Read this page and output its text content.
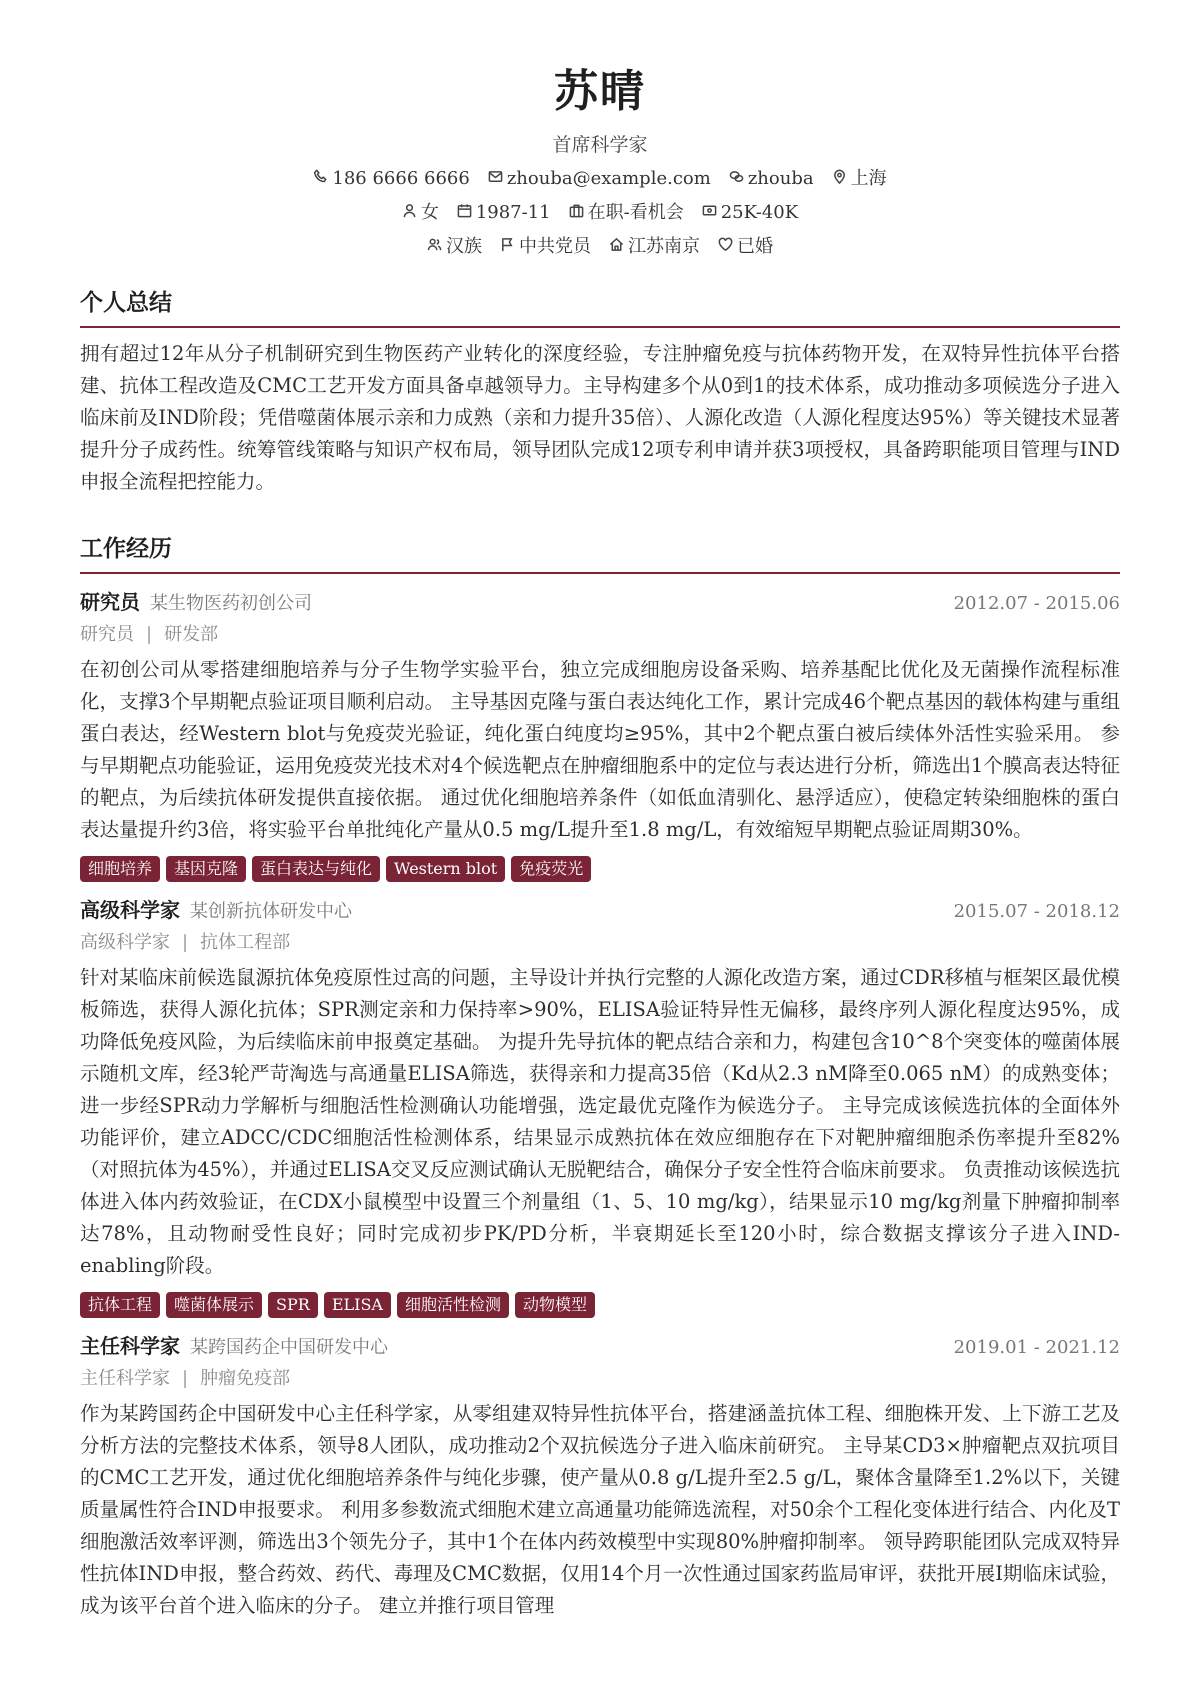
苏晴
首席科学家
186 6666 6666 zhouba@example.com zhouba 上海
女 1987-11 在职-看机会 25K-40K
汉族 中共党员 江苏南京 已婚
个人总结
拥有超过12年从分子机制研究到生物医药产业转化的深度经验，专注肿瘤免疫与抗体药物开发，在双特异性抗体平台搭建、抗体工程改造及CMC工艺开发方面具备卓越领导力。主导构建多个从0到1的技术体系，成功推动多项候选分子进入临床前及IND阶段；凭借噬菌体展示亲和力成熟（亲和力提升35倍）、人源化改造（人源化程度达95%）等关键技术显著提升分子成药性。统筹管线策略与知识产权布局，领导团队完成12项专利申请并获3项授权，具备跨职能项目管理与IND申报全流程把控能力。
工作经历
研究员 某生物医药初创公司	2012.07 - 2015.06
研究员 | 研发部
在初创公司从零搭建细胞培养与分子生物学实验平台，独立完成细胞房设备采购、培养基配比优化及无菌操作流程标准化，支撑3个早期靶点验证项目顺利启动。 主导基因克隆与蛋白表达纯化工作，累计完成46个靶点基因的载体构建与重组蛋白表达，经Western blot与免疫荧光验证，纯化蛋白纯度均≥95%，其中2个靶点蛋白被后续体外活性实验采用。 参与早期靶点功能验证，运用免疫荧光技术对4个候选靶点在肿瘤细胞系中的定位与表达进行分析，筛选出1个膜高表达特征的靶点，为后续抗体研发提供直接依据。 通过优化细胞培养条件（如低血清驯化、悬浮适应），使稳定转染细胞株的蛋白表达量提升约3倍，将实验平台单批纯化产量从0.5 mg/L提升至1.8 mg/L，有效缩短早期靶点验证周期30%。
细胞培养	基因克隆	蛋白表达与纯化	Western blot	免疫荧光
高级科学家 某创新抗体研发中心	2015.07 - 2018.12
高级科学家 | 抗体工程部
针对某临床前候选鼠源抗体免疫原性过高的问题，主导设计并执行完整的人源化改造方案，通过CDR移植与框架区最优模板筛选，获得人源化抗体；SPR测定亲和力保持率>90%，ELISA验证特异性无偏移，最终序列人源化程度达95%，成功降低免疫风险，为后续临床前申报奠定基础。 为提升先导抗体的靶点结合亲和力，构建包含10^8个突变体的噬菌体展示随机文库，经3轮严苛淘选与高通量ELISA筛选，获得亲和力提高35倍（Kd从2.3 nM降至0.065 nM）的成熟变体；进一步经SPR动力学解析与细胞活性检测确认功能增强，选定最优克隆作为候选分子。 主导完成该候选抗体的全面体外功能评价，建立ADCC/CDC细胞活性检测体系，结果显示成熟抗体在效应细胞存在下对靶肿瘤细胞杀伤率提升至82%（对照抗体为45%），并通过ELISA交叉反应测试确认无脱靶结合，确保分子安全性符合临床前要求。 负责推动该候选抗体进入体内药效验证，在CDX小鼠模型中设置三个剂量组（1、5、10 mg/kg），结果显示10 mg/kg剂量下肿瘤抑制率达78%，且动物耐受性良好；同时完成初步PK/PD分析，半衰期延长至120小时，综合数据支撑该分子进入IND-enabling阶段。
抗体工程	噬菌体展示	SPR	ELISA	细胞活性检测	动物模型
主任科学家 某跨国药企中国研发中心	2019.01 - 2021.12
主任科学家 | 肿瘤免疫部
作为某跨国药企中国研发中心主任科学家，从零组建双特异性抗体平台，搭建涵盖抗体工程、细胞株开发、上下游工艺及分析方法的完整技术体系，领导8人团队，成功推动2个双抗候选分子进入临床前研究。 主导某CD3×肿瘤靶点双抗项目的CMC工艺开发，通过优化细胞培养条件与纯化步骤，使产量从0.8 g/L提升至2.5 g/L，聚体含量降至1.2%以下，关键质量属性符合IND申报要求。 利用多参数流式细胞术建立高通量功能筛选流程，对50余个工程化变体进行结合、内化及T细胞激活效率评测，筛选出3个领先分子，其中1个在体内药效模型中实现80%肿瘤抑制率。 领导跨职能团队完成双特异性抗体IND申报，整合药效、药代、毒理及CMC数据，仅用14个月一次性通过国家药监局审评，获批开展I期临床试验，成为该平台首个进入临床的分子。 建立并推行项目管理
